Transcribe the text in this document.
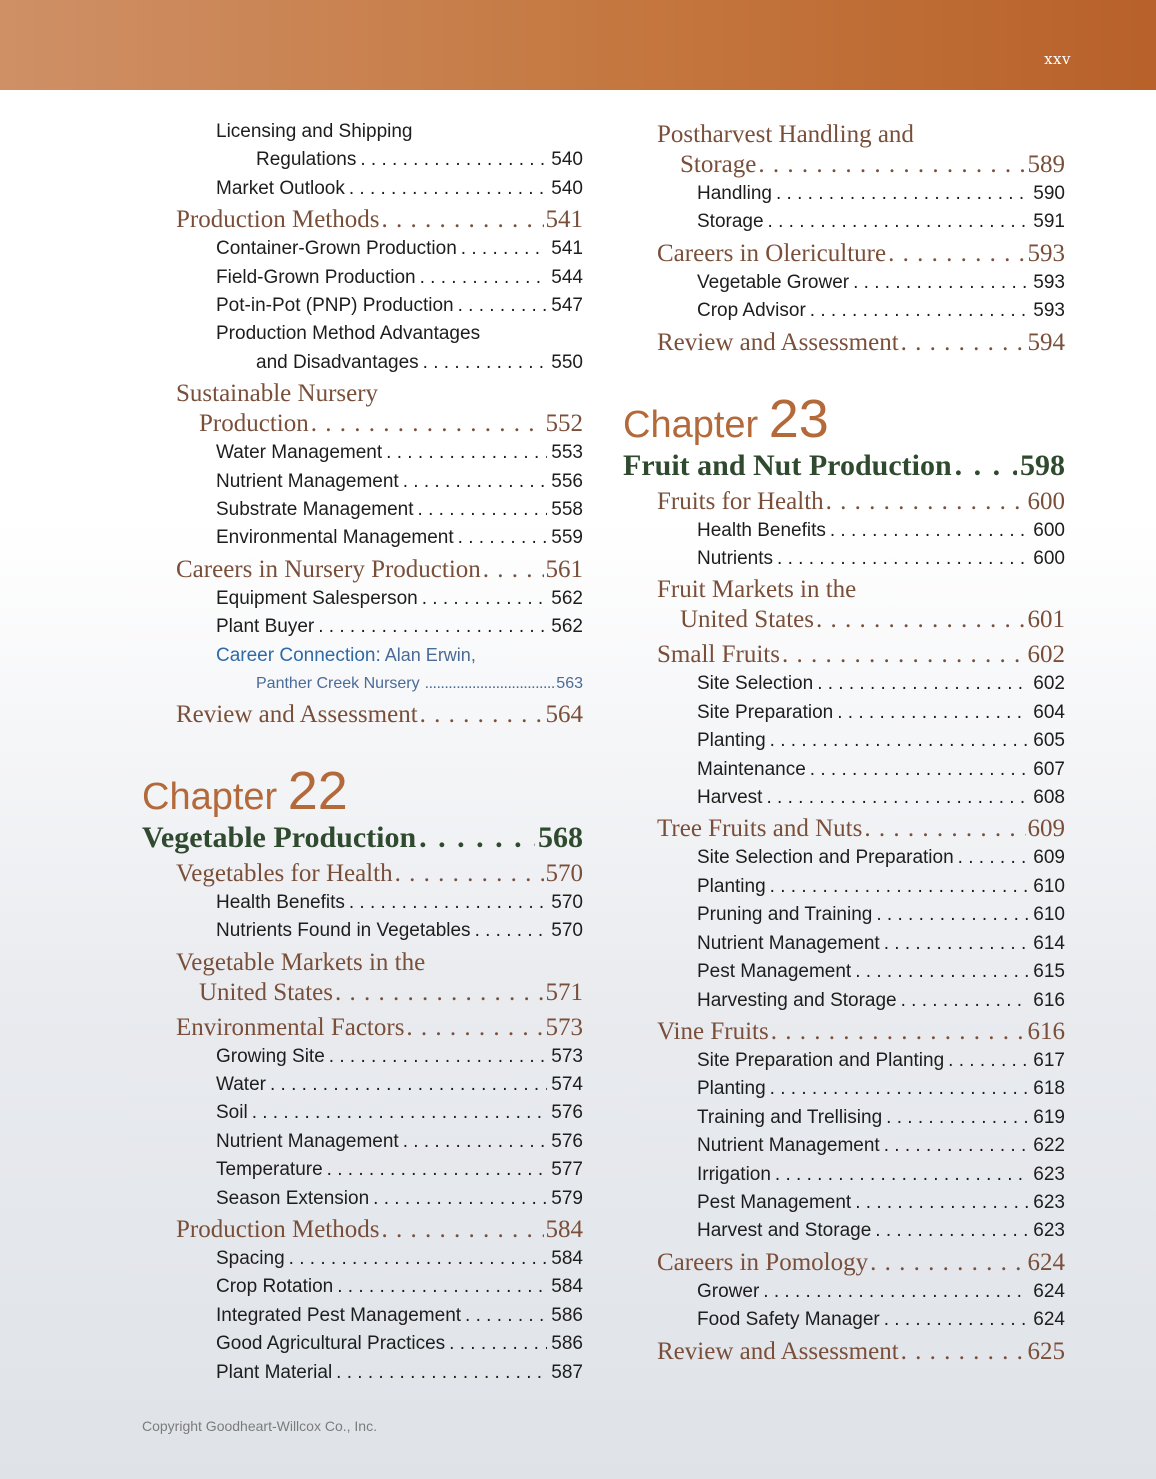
xxv
Licensing and Shipping
Regulations . . .	540
Market Outlook . . .	540
Production Methods . . .	541
Container-Grown Production . . .	541
Field-Grown Production . . .	544
Pot-in-Pot (PNP) Production . . .	547
Production Method Advantages
and Disadvantages . . .	550
Sustainable Nursery
Production . . .	552
Water Management . . .	553
Nutrient Management . . .	556
Substrate Management . . .	558
Environmental Management . . .	559
Careers in Nursery Production . . .	561
Equipment Salesperson . . .	562
Plant Buyer . . .	562
Career Connection: Alan Erwin,
Panther Creek Nursery .....	563
Review and Assessment . . .	564
Chapter 22
Vegetable Production . . .	568
Vegetables for Health . . .	570
Health Benefits . . .	570
Nutrients Found in Vegetables . . .	570
Vegetable Markets in the
United States . . .	571
Environmental Factors . . .	573
Growing Site . . .	573
Water . . .	574
Soil . . .	576
Nutrient Management . . .	576
Temperature . . .	577
Season Extension . . .	579
Production Methods . . .	584
Spacing . . .	584
Crop Rotation . . .	584
Integrated Pest Management . . .	586
Good Agricultural Practices . . .	586
Plant Material . . .	587
Postharvest Handling and
Storage . . .	589
Handling . . .	590
Storage . . .	591
Careers in Olericulture . . .	593
Vegetable Grower . . .	593
Crop Advisor . . .	593
Review and Assessment . . .	594
Chapter 23
Fruit and Nut Production . . . 598
Fruits for Health . . .	600
Health Benefits . . .	600
Nutrients . . .	600
Fruit Markets in the
United States . . .	601
Small Fruits . . .	602
Site Selection . . .	602
Site Preparation . . .	604
Planting . . .	605
Maintenance . . .	607
Harvest . . .	608
Tree Fruits and Nuts . . .	609
Site Selection and Preparation . . .	609
Planting . . .	610
Pruning and Training . . .	610
Nutrient Management . . .	614
Pest Management . . .	615
Harvesting and Storage . . .	616
Vine Fruits . . .	616
Site Preparation and Planting . . .	617
Planting . . .	618
Training and Trellising . . .	619
Nutrient Management . . .	622
Irrigation . . .	623
Pest Management . . .	623
Harvest and Storage . . .	623
Careers in Pomology . . .	624
Grower . . .	624
Food Safety Manager . . .	624
Review and Assessment . . .	625
Copyright Goodheart-Willcox Co., Inc.
